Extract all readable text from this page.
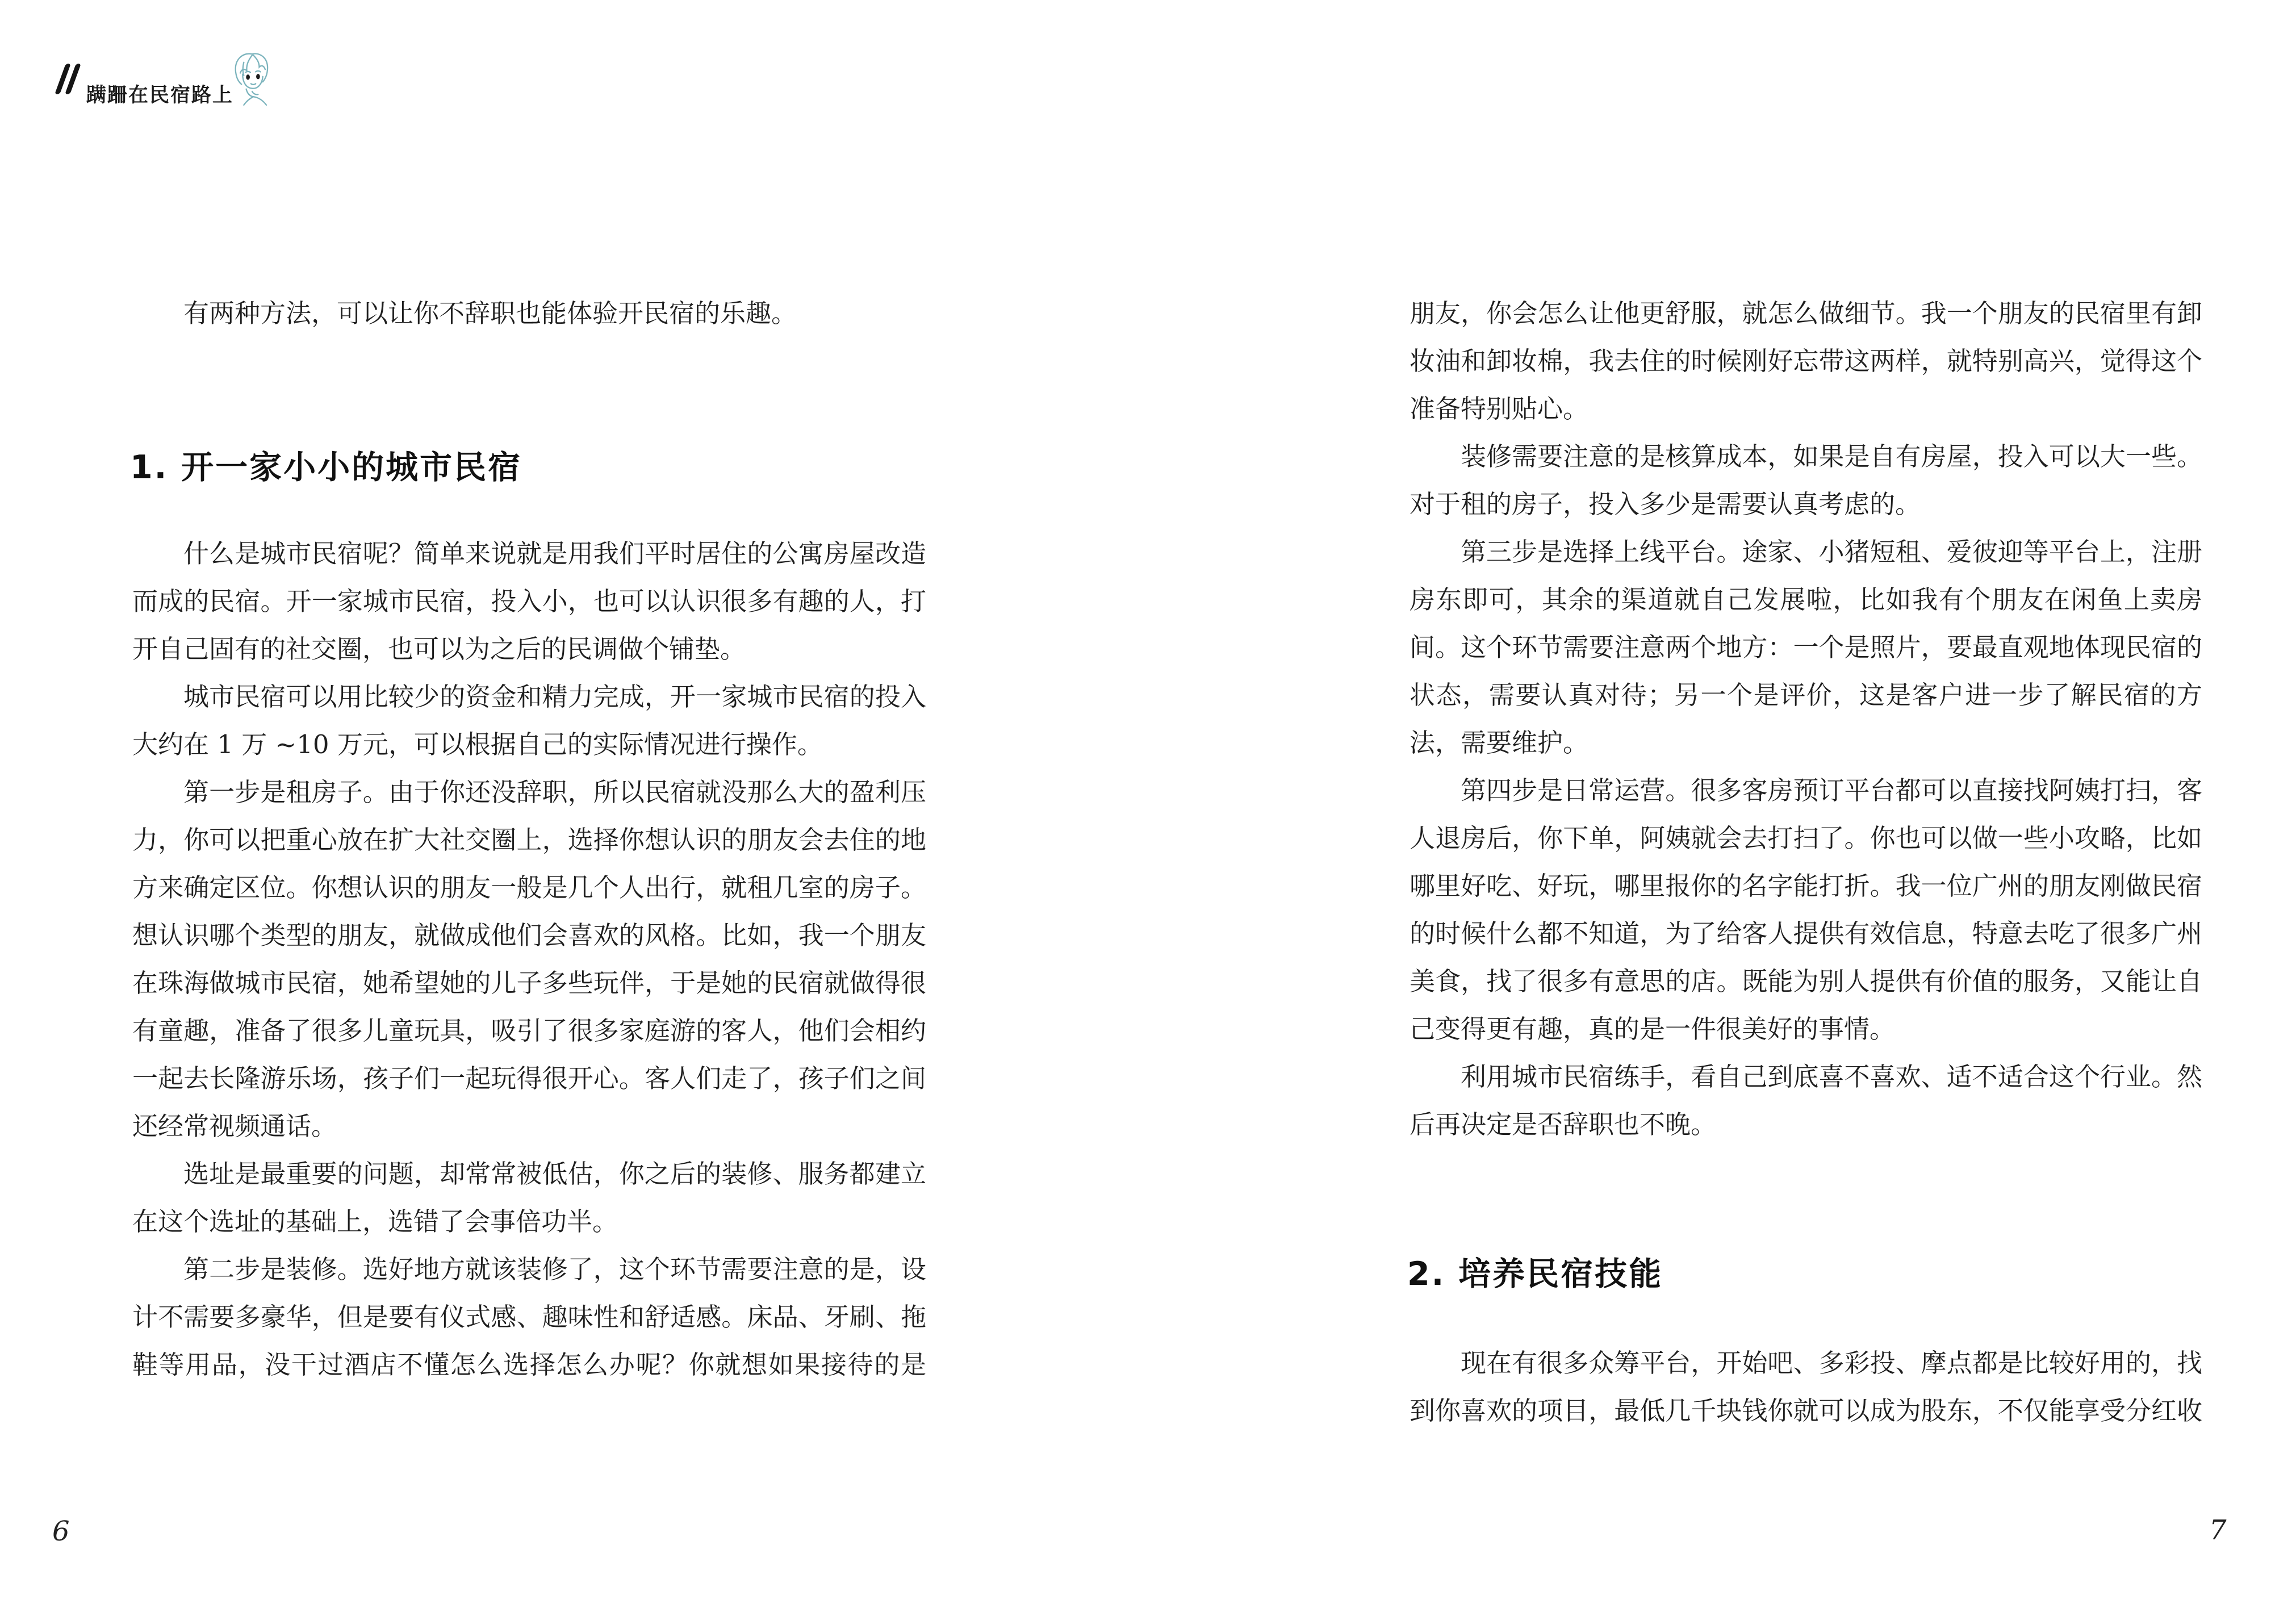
蹒跚在民宿路上

有两种方法，可以让你不辞职也能体验开民宿的乐趣。

1. 开一家小小的城市民宿

什么是城市民宿呢？简单来说就是用我们平时居住的公寓房屋改造而成的民宿。开一家城市民宿，投入小，也可以认识很多有趣的人，打开自己固有的社交圈，也可以为之后的民调做个铺垫。

城市民宿可以用比较少的资金和精力完成，开一家城市民宿的投入大约在 1 万 ~10 万元，可以根据自己的实际情况进行操作。

第一步是租房子。由于你还没辞职，所以民宿就没那么大的盈利压力，你可以把重心放在扩大社交圈上，选择你想认识的朋友会去住的地方来确定区位。你想认识的朋友一般是几个人出行，就租几室的房子。想认识哪个类型的朋友，就做成他们会喜欢的风格。比如，我一个朋友在珠海做城市民宿，她希望她的儿子多些玩伴，于是她的民宿就做得很有童趣，准备了很多儿童玩具，吸引了很多家庭游的客人，他们会相约一起去长隆游乐场，孩子们一起玩得很开心。客人们走了，孩子们之间还经常视频通话。

选址是最重要的问题，却常常被低估，你之后的装修、服务都建立在这个选址的基础上，选错了会事倍功半。

第二步是装修。选好地方就该装修了，这个环节需要注意的是，设计不需要多豪华，但是要有仪式感、趣味性和舒适感。床品、牙刷、拖鞋等用品，没干过酒店不懂怎么选择怎么办呢？你就想如果接待的是

朋友，你会怎么让他更舒服，就怎么做细节。我一个朋友的民宿里有卸妆油和卸妆棉，我去住的时候刚好忘带这两样，就特别高兴，觉得这个准备特别贴心。

装修需要注意的是核算成本，如果是自有房屋，投入可以大一些。对于租的房子，投入多少是需要认真考虑的。

第三步是选择上线平台。途家、小猪短租、爱彼迎等平台上，注册房东即可，其余的渠道就自己发展啦，比如我有个朋友在闲鱼上卖房间。这个环节需要注意两个地方：一个是照片，要最直观地体现民宿的状态，需要认真对待；另一个是评价，这是客户进一步了解民宿的方法，需要维护。

第四步是日常运营。很多客房预订平台都可以直接找阿姨打扫，客人退房后，你下单，阿姨就会去打扫了。你也可以做一些小攻略，比如哪里好吃、好玩，哪里报你的名字能打折。我一位广州的朋友刚做民宿的时候什么都不知道，为了给客人提供有效信息，特意去吃了很多广州美食，找了很多有意思的店。既能为别人提供有价值的服务，又能让自己变得更有趣，真的是一件很美好的事情。

利用城市民宿练手，看自己到底喜不喜欢、适不适合这个行业。然后再决定是否辞职也不晚。

2. 培养民宿技能

现在有很多众筹平台，开始吧、多彩投、摩点都是比较好用的，找到你喜欢的项目，最低几千块钱你就可以成为股东，不仅能享受分红收

6	7
